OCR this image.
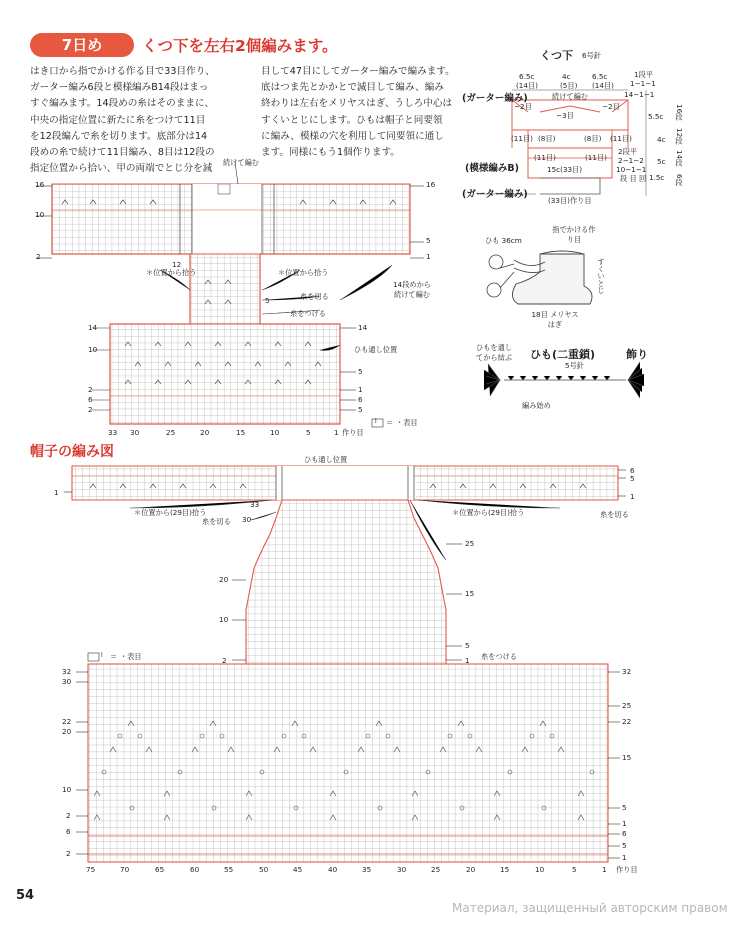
7日め	くつ下を左右2個編みます。

はき口から指でかける作る目で33目作り、

ガーター編み6段と模様編みB14段はまっ

すぐ編みます。14段めの糸はそのままに、

中央の指定位置に新たに糸をつけて11目

を12段編んで糸を切ります。底部分は14

段めの糸で続けて11目編み、8目は12段の

指定位置から拾い、甲の両端でとじ分を減

目して47目にしてガーター編みで編みます。

底はつま先とかかとで減目して編み、編み

終わりは左右をメリヤスはぎ、うしろ中心は

すくいとじにします。ひもは帽子と同要領

に編み、模様の穴を利用して同要領に通し

ます。同様にもう1個作ります。

16
10
2
16
5
1
続けて編む
＊位置から拾う	＊位置から拾う
14段めから続けて編む
糸を切る
糸をつける
ひも通し位置
12
5
14
10
2
6
2
14
5
1
6
5
33 30	25	20	15	10	5	1 作り目
l ＝ ・表目
くつ下 6号針
6.5c	4c	6.5c
(14目)	(5目) (14目)
(ガーター編み)	続けて編む
−2目	−2目
−3目
(11目) (8目)	(8目) (11目)
(11目)	(11目)
(模様編みB)	15c(33目)
(ガーター編み)
(33目)作り目
1段平
1−1−1
14−1−1
2段平
2−1−2
10−1−1
段 目 回
5.5c
4c
5c
1.5c
16段
12段
14段
6段
ひも 36cm
指でかける作り目
すくいとじ
18目 メリヤスはぎ
ひもを通してから結ぶ ひも(二重鎖)
5号針
飾り
編み始め
帽子の編み図	ひも通し位置
1
6
5
1
＊位置から(29目)拾う	＊位置から(29目)拾う	糸を切る
糸を切る
33
30
20
10
2
25
15
5
1 糸をつける
l ＝ ・表目
32
30
22
20
10
2
6
2
32
25
22
15
5
1
6
5
1
75	70	65	60	55	50	45	40	35	30	25	20	15	10	5	1 作り目
54
Материал, защищенный авторским правом
